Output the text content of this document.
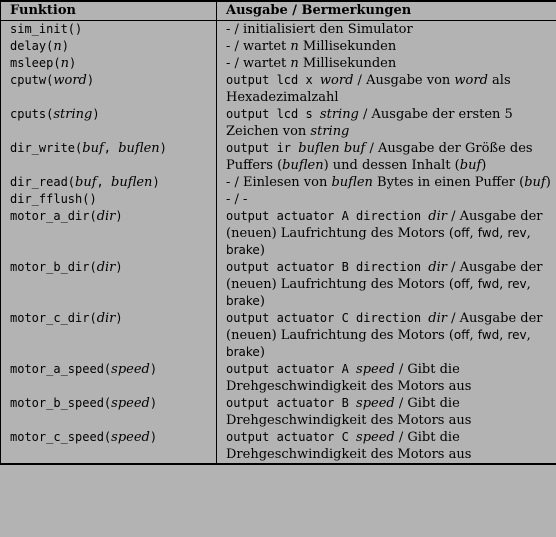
Funktion	Ausgabe / Bermerkungen
sim_init()	- / initialisiert den Simulator
delay(n)	- / wartet n Millisekunden
msleep(n)	- / wartet n Millisekunden
cputw(word)	output lcd x word / Ausgabe von word als Hexadezimalzahl
cputs(string)	output lcd s string / Ausgabe der ersten 5 Zeichen von string
dir_write(buf, buflen)	output ir buflen buf / Ausgabe der Größe des Puffers (buflen) und dessen Inhalt (buf)
dir_read(buf, buflen)	- / Einlesen von buflen Bytes in einen Puffer (buf)
dir_fflush()	- / -
motor_a_dir(dir)	output actuator A direction dir / Ausgabe der (neuen) Laufrichtung des Motors (off, fwd, rev, brake)
motor_b_dir(dir)	output actuator B direction dir / Ausgabe der (neuen) Laufrichtung des Motors (off, fwd, rev, brake)
motor_c_dir(dir)	output actuator C direction dir / Ausgabe der (neuen) Laufrichtung des Motors (off, fwd, rev, brake)
motor_a_speed(speed)	output actuator A speed / Gibt die Drehgeschwindigkeit des Motors aus
motor_b_speed(speed)	output actuator B speed / Gibt die Drehgeschwindigkeit des Motors aus
motor_c_speed(speed)	output actuator C speed / Gibt die Drehgeschwindigkeit des Motors aus
